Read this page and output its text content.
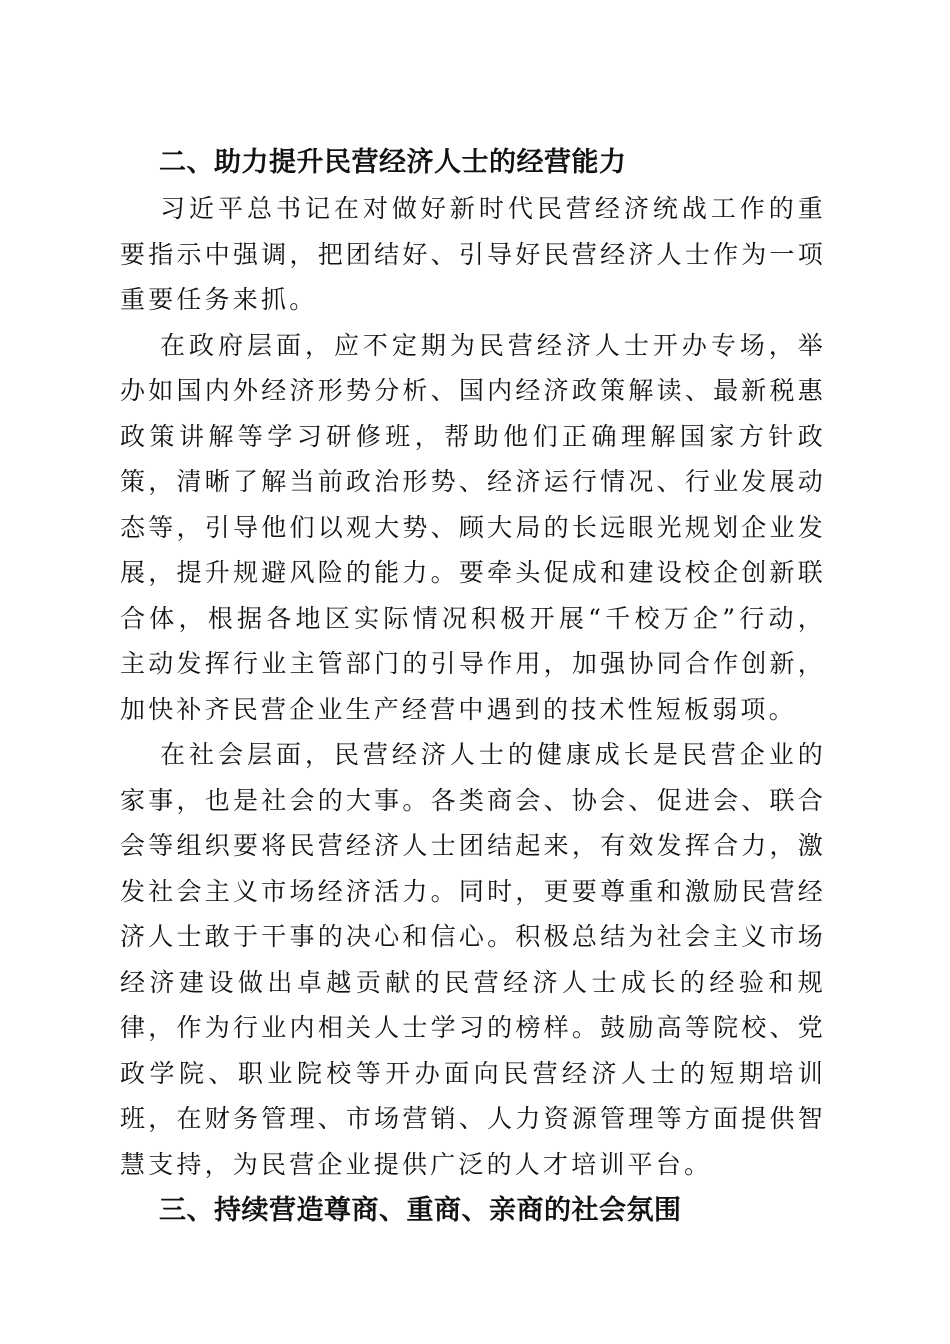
二、助力提升民营经济人士的经营能力

习近平总书记在对做好新时代民营经济统战工作的重要指示中强调，把团结好、引导好民营经济人士作为一项重要任务来抓。

在政府层面，应不定期为民营经济人士开办专场，举办如国内外经济形势分析、国内经济政策解读、最新税惠政策讲解等学习研修班，帮助他们正确理解国家方针政策，清晰了解当前政治形势、经济运行情况、行业发展动态等，引导他们以观大势、顾大局的长远眼光规划企业发展，提升规避风险的能力。要牵头促成和建设校企创新联合体，根据各地区实际情况积极开展“千校万企”行动，主动发挥行业主管部门的引导作用，加强协同合作创新，加快补齐民营企业生产经营中遇到的技术性短板弱项。

在社会层面，民营经济人士的健康成长是民营企业的家事，也是社会的大事。各类商会、协会、促进会、联合会等组织要将民营经济人士团结起来，有效发挥合力，激发社会主义市场经济活力。同时，更要尊重和激励民营经济人士敢于干事的决心和信心。积极总结为社会主义市场经济建设做出卓越贡献的民营经济人士成长的经验和规律，作为行业内相关人士学习的榜样。鼓励高等院校、党政学院、职业院校等开办面向民营经济人士的短期培训班，在财务管理、市场营销、人力资源管理等方面提供智慧支持，为民营企业提供广泛的人才培训平台。

三、持续营造尊商、重商、亲商的社会氛围
